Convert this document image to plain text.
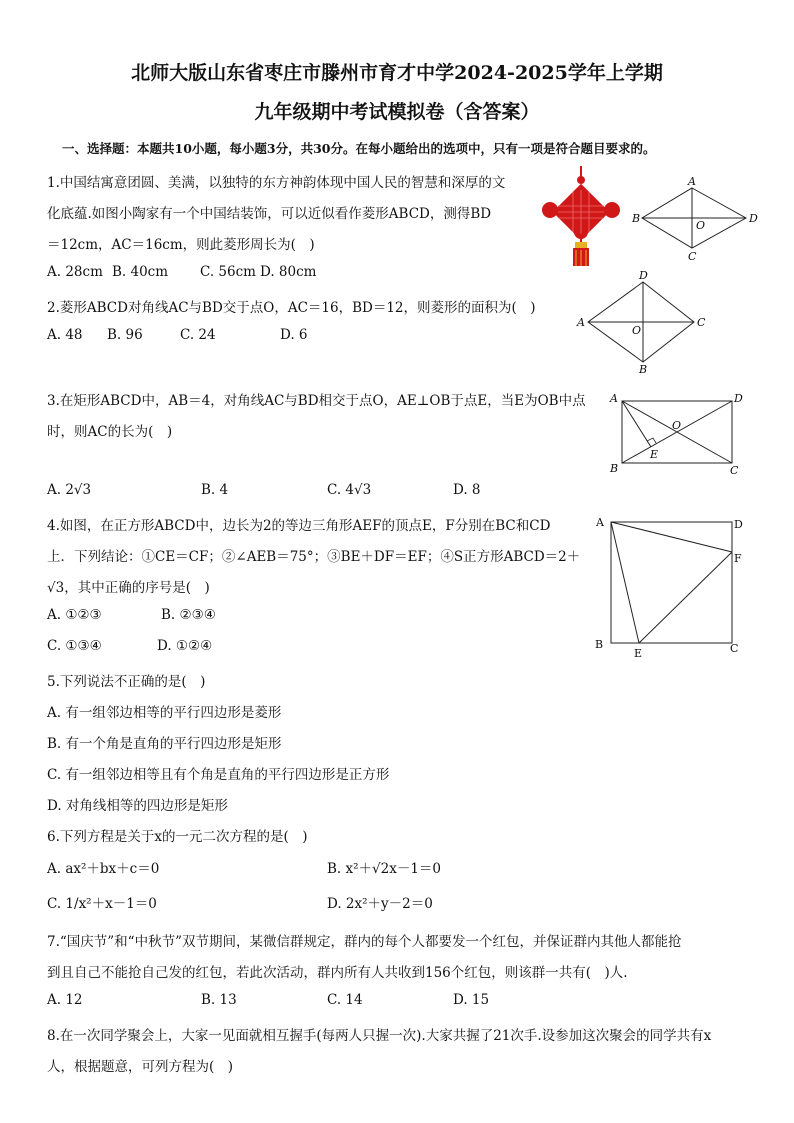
北师大版山东省枣庄市滕州市育才中学2024-2025学年上学期
九年级期中考试模拟卷（含答案）
一、选择题：本题共10小题，每小题3分，共30分。在每小题给出的选项中，只有一项是符合题目要求的。
1.中国结寓意团圆、美满，以独特的东方神韵体现中国人民的智慧和深厚的文
化底蕴.如图小陶家有一个中国结装饰，可以近似看作菱形ABCD，测得BD
＝12cm，AC＝16cm，则此菱形周长为(　)
A. 28cm B. 40cm C. 56cm D. 80cm
A
B
C
D
O
2.菱形ABCD对角线AC与BD交于点O，AC＝16，BD＝12，则菱形的面积为(　)
A. 48 B. 96	C. 24	D. 6
D
A	C
B
O
3.在矩形ABCD中，AB＝4，对角线AC与BD相交于点O，AE⊥OB于点E，当E为OB中点
时，则AC的长为(　)
A. 2√3	B. 4	C. 4√3	D. 8
A	D
B	C
O
E
4.如图，在正方形ABCD中，边长为2的等边三角形AEF的顶点E，F分别在BC和CD
上．下列结论：①CE＝CF；②∠AEB＝75°；③BE＋DF＝EF；④S正方形ABCD＝2＋
√3，其中正确的序号是(　)
A. ①②③	B. ②③④
C. ①③④	D. ①②④
A	D
F
B
E	C
5.下列说法不正确的是(　)
A. 有一组邻边相等的平行四边形是菱形
B. 有一个角是直角的平行四边形是矩形
C. 有一组邻边相等且有个角是直角的平行四边形是正方形
D. 对角线相等的四边形是矩形
6.下列方程是关于x的一元二次方程的是(　)
A. ax²＋bx＋c＝0	B. x²＋√2x－1＝0
C. 1/x²＋x－1＝0	D. 2x²＋y－2＝0
7.“国庆节”和“中秋节”双节期间，某微信群规定，群内的每个人都要发一个红包，并保证群内其他人都能抢
到且自己不能抢自己发的红包，若此次活动，群内所有人共收到156个红包，则该群一共有(　)人.
A. 12	B. 13	C. 14	D. 15
8.在一次同学聚会上，大家一见面就相互握手(每两人只握一次).大家共握了21次手.设参加这次聚会的同学共有x
人，根据题意，可列方程为(　)
